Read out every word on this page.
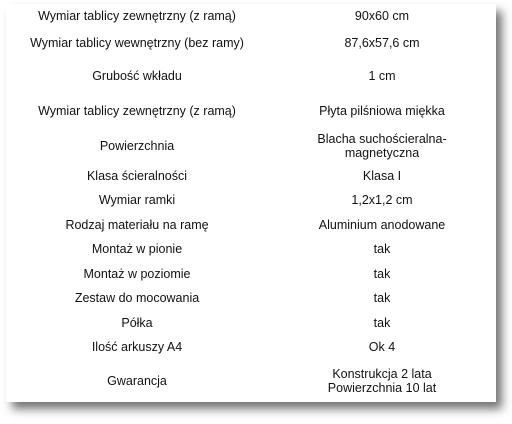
Wymiar tablicy zewnętrzny (z ramą)	90x60 cm
Wymiar tablicy wewnętrzny (bez ramy)	87,6x57,6 cm
Grubość wkładu	1 cm
Wymiar tablicy zewnętrzny (z ramą)	Płyta pilśniowa miękka
Powierzchnia	Blacha suchościeralna-
magnetyczna

Klasa ścieralności	Klasa I
Wymiar ramki	1,2x1,2 cm
Rodzaj materiału na ramę	Aluminium anodowane
Montaż w pionie	tak
Montaż w poziomie	tak
Zestaw do mocowania	tak
Półka	tak
Ilość arkuszy A4	Ok 4
Gwarancja	Konstrukcja 2 lata
Powierzchnia 10 lat
